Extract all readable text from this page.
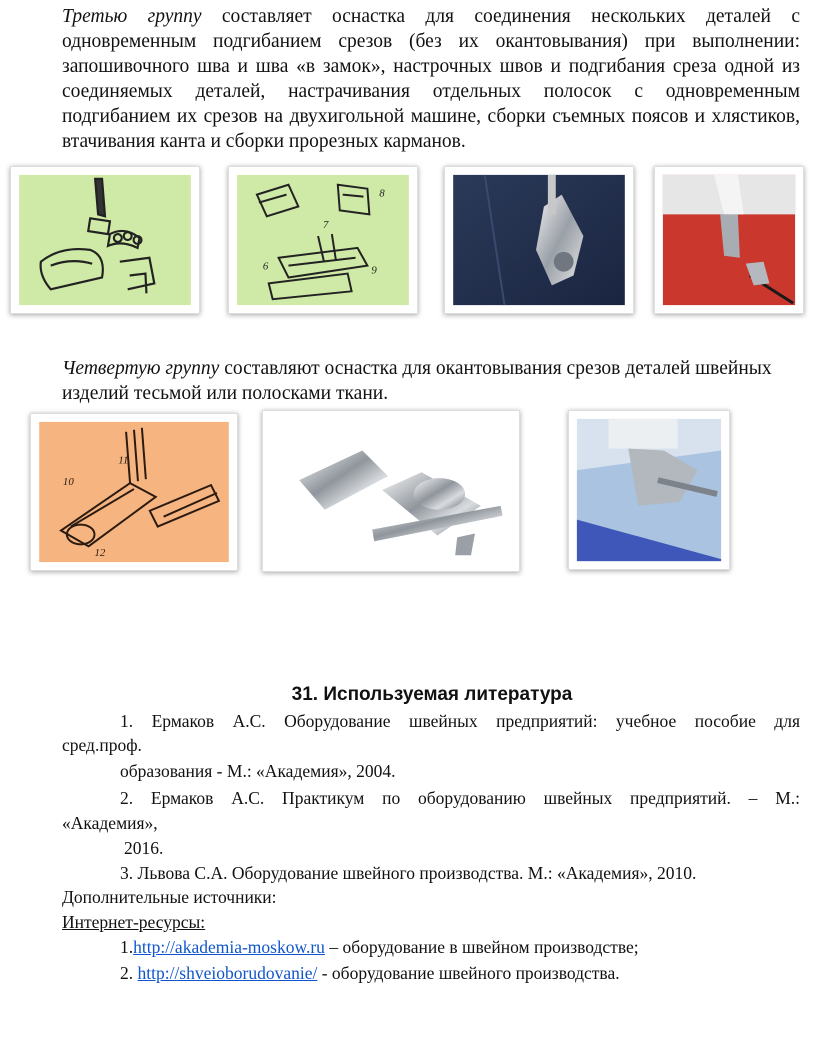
Третью группу составляет оснастка для соединения нескольких деталей с одновременным подгибанием срезов (без их окантовывания) при выполнении: запошивочного шва и шва «в замок», настрочных швов и подгибания среза одной из соединяемых деталей, настрачивания отдельных полосок с одновременным подгибанием их срезов на двухигольной машине, сборки съемных поясов и хлястиков, втачивания канта и сборки прорезных карманов.
8
7
6	9
Четвертую группу составляют оснастка для окантовывания срезов деталей швейных изделий тесьмой или полосками ткани.
11
10
12
31. Используемая литература
1. Ермаков А.С. Оборудование швейных предприятий: учебное пособие для
сред.проф.
образования - М.: «Академия», 2004.
2. Ермаков А.С. Практикум по оборудованию швейных предприятий. – М.:
«Академия»,
2016.
3. Львова С.А. Оборудование швейного производства. М.: «Академия», 2010.
Дополнительные источники:
Интернет-ресурсы:
1.http://akademia-moskow.ru – оборудование в швейном производстве;
2. http://shveioborudovanie/ - оборудование швейного производства.
